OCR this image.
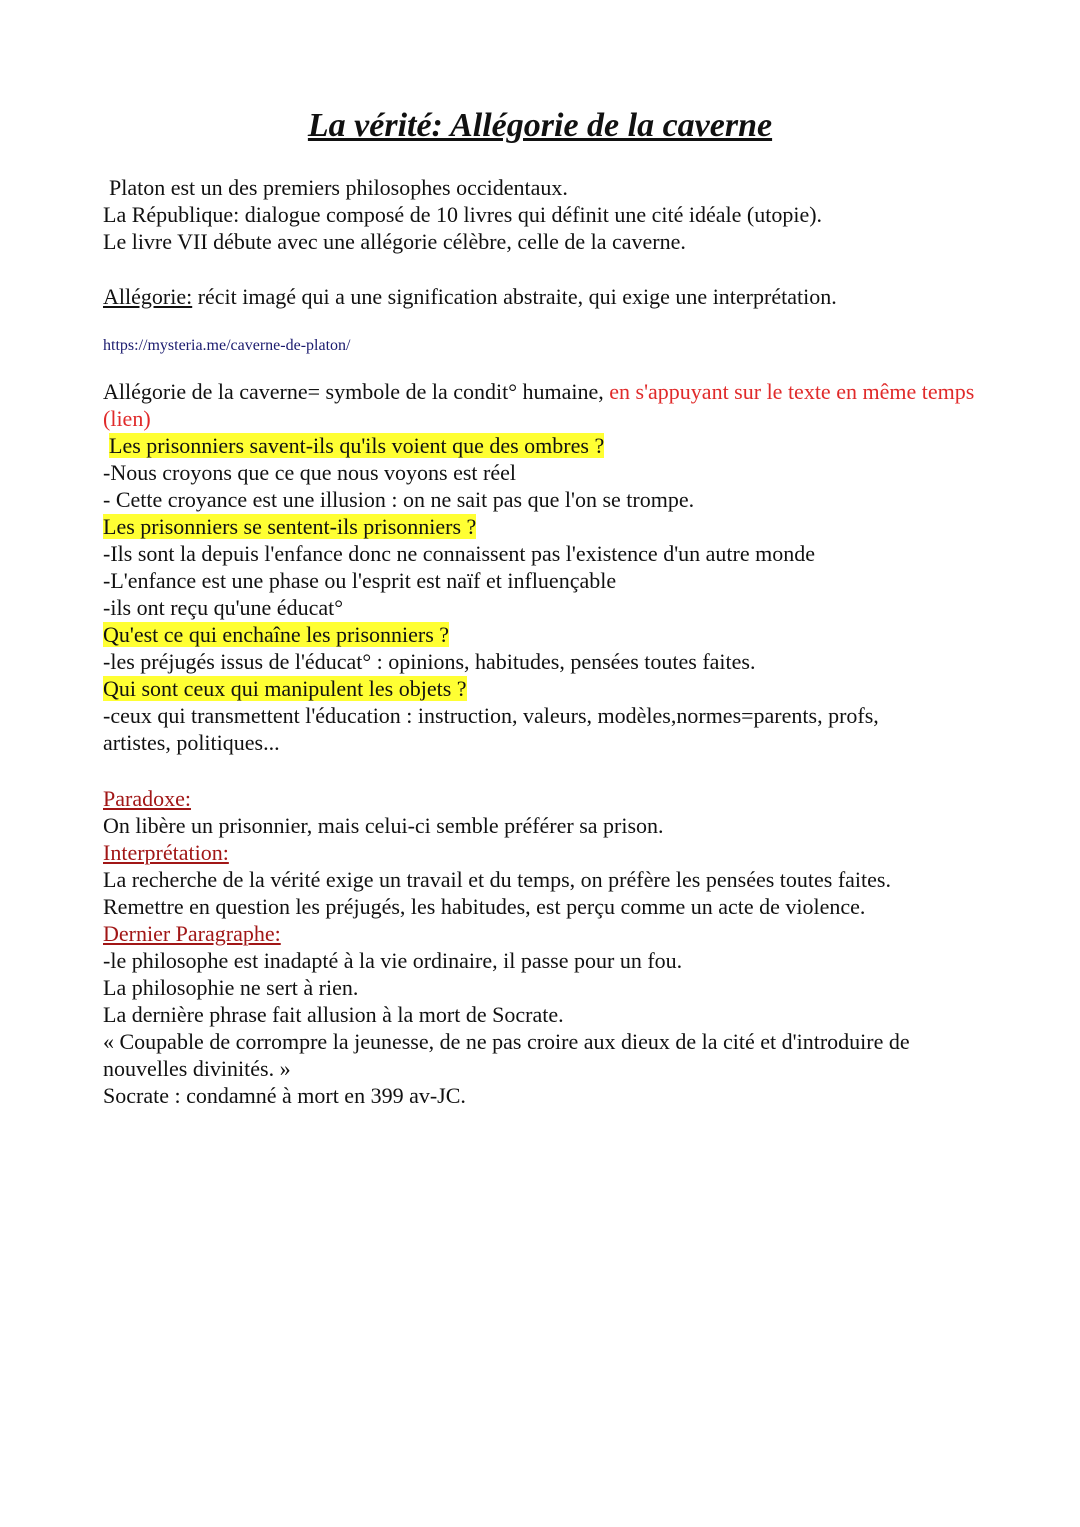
La vérité: Allégorie de la caverne
Platon est un des premiers philosophes occidentaux.
La République: dialogue composé de 10 livres qui définit une cité idéale (utopie).
Le livre VII débute avec une allégorie célèbre, celle de la caverne.
Allégorie: récit imagé qui a une signification abstraite, qui exige une interprétation.
https://mysteria.me/caverne-de-platon/
Allégorie de la caverne= symbole de la condit° humaine, en s'appuyant sur le texte en même temps (lien)
Les prisonniers savent-ils qu'ils voient que des ombres ?
-Nous croyons que ce que nous voyons est réel
- Cette croyance est une illusion : on ne sait pas que l'on se trompe.
Les prisonniers se sentent-ils prisonniers ?
-Ils sont la depuis l'enfance donc ne connaissent pas l'existence d'un autre monde
-L'enfance est une phase ou l'esprit est naïf et influençable
-ils ont reçu qu'une éducat°
Qu'est ce qui enchaîne les prisonniers ?
-les préjugés issus de l'éducat° : opinions, habitudes, pensées toutes faites.
Qui sont ceux qui manipulent les objets ?
-ceux qui transmettent l'éducation : instruction, valeurs, modèles,normes=parents, profs, artistes, politiques...
Paradoxe:
On libère un prisonnier, mais celui-ci semble préférer sa prison.
Interprétation:
La recherche de la vérité exige un travail et du temps, on préfère les pensées toutes faites.
Remettre en question les préjugés, les habitudes, est perçu comme un acte de violence.
Dernier Paragraphe:
-le philosophe est inadapté à la vie ordinaire, il passe pour un fou.
La philosophie ne sert à rien.
La dernière phrase fait allusion à la mort de Socrate.
« Coupable de corrompre la jeunesse, de ne pas croire aux dieux de la cité et d'introduire de nouvelles divinités. »
Socrate : condamné à mort en 399 av-JC.
